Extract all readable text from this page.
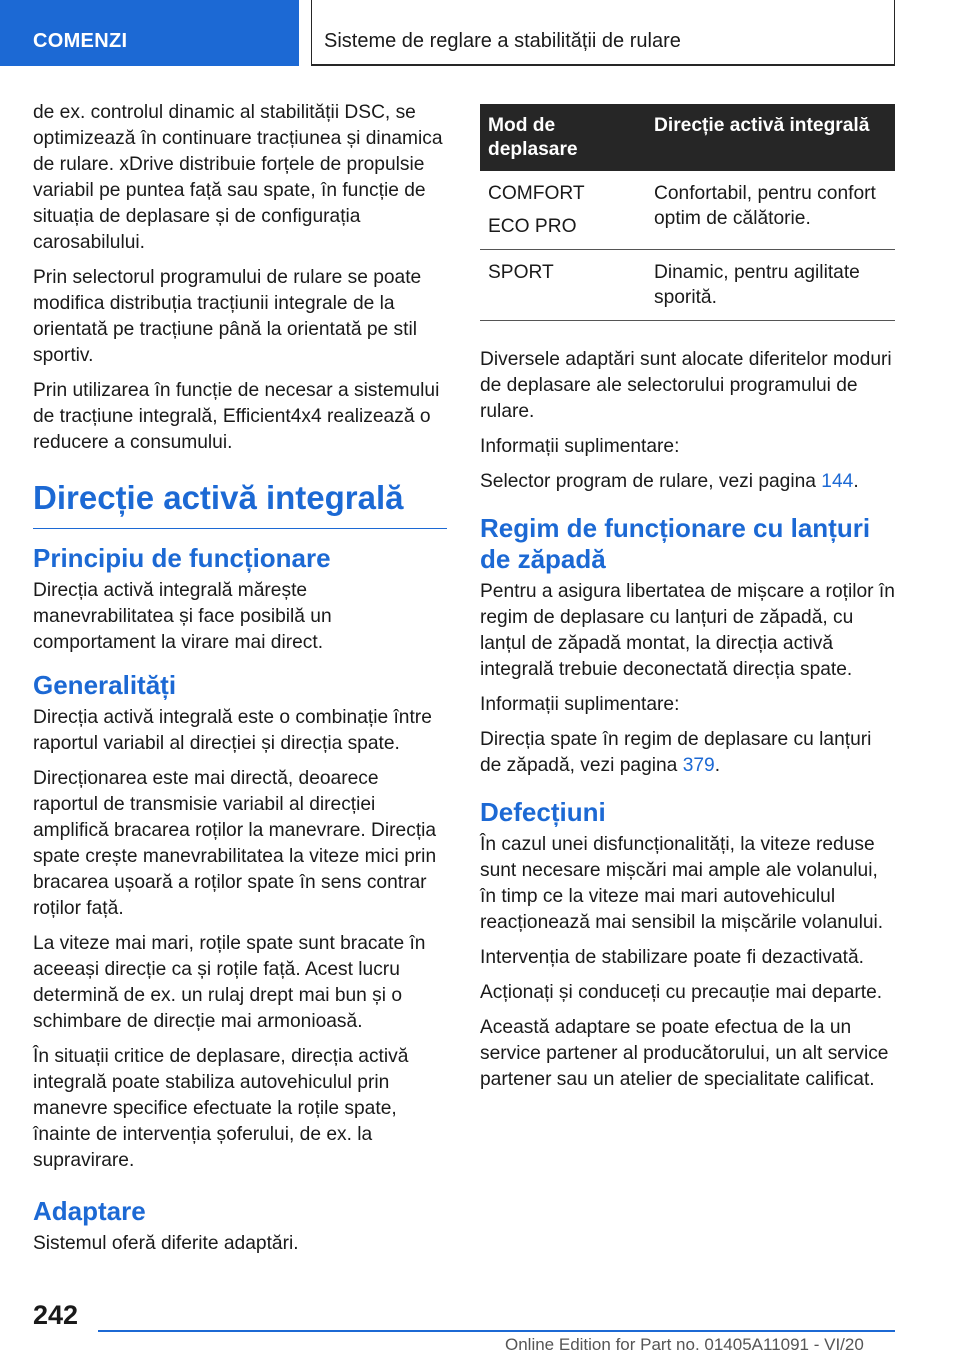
COMENZI	Sisteme de reglare a stabilității de rulare

de ex. controlul dinamic al stabilității DSC, se optimizează în continuare tracțiunea și dinamica de rulare. xDrive distribuie forțele de propulsie variabil pe puntea față sau spate, în funcție de situația de deplasare și de configurația carosabilului.

Prin selectorul programului de rulare se poate modifica distribuția tracțiunii integrale de la orientată pe tracțiune până la orientată pe stil sportiv.

Prin utilizarea în funcție de necesar a sistemului de tracțiune integrală, Efficient4x4 realizează o reducere a consumului.

Direcție activă integrală
Principiu de funcționare

Direcția activă integrală mărește manevrabilitatea și face posibilă un comportament la virare mai direct.

Generalități

Direcția activă integrală este o combinație între raportul variabil al direcției și direcția spate.

Direcționarea este mai directă, deoarece raportul de transmisie variabil al direcției amplifică bracarea roților la manevrare. Direcția spate crește manevrabilitatea la viteze mici prin bracarea ușoară a roților spate în sens contrar roților față.

La viteze mai mari, roțile spate sunt bracate în aceeași direcție ca și roțile față. Acest lucru determină de ex. un rulaj drept mai bun și o schimbare de direcție mai armonioasă.

În situații critice de deplasare, direcția activă integrală poate stabiliza autovehiculul prin manevre specifice efectuate la roțile spate, înainte de intervenția șoferului, de ex. la supravirare.

Adaptare

Sistemul oferă diferite adaptări.

Mod de deplasare	Direcție activă integrală

COMFORT
ECO PRO	Confortabil, pentru confort optim de călătorie.

SPORT	Dinamic, pentru agilitate sporită.

Diversele adaptări sunt alocate diferitelor moduri de deplasare ale selectorului programului de rulare.

Informații suplimentare:

Selector program de rulare, vezi pagina 144.

Regim de funcționare cu lanțuri de zăpadă

Pentru a asigura libertatea de mișcare a roților în regim de deplasare cu lanțuri de zăpadă, cu lanțul de zăpadă montat, la direcția activă integrală trebuie deconectată direcția spate.

Informații suplimentare:

Direcția spate în regim de deplasare cu lanțuri de zăpadă, vezi pagina 379.

Defecțiuni

În cazul unei disfuncționalități, la viteze reduse sunt necesare mișcări mai ample ale volanului, în timp ce la viteze mai mari autovehiculul reacționează mai sensibil la mișcările volanului.

Intervenția de stabilizare poate fi dezactivată.

Acționați și conduceți cu precauție mai departe.

Această adaptare se poate efectua de la un service partener al producătorului, un alt service partener sau un atelier de specialitate calificat.

242
Online Edition for Part no. 01405A11091 - VI/20
